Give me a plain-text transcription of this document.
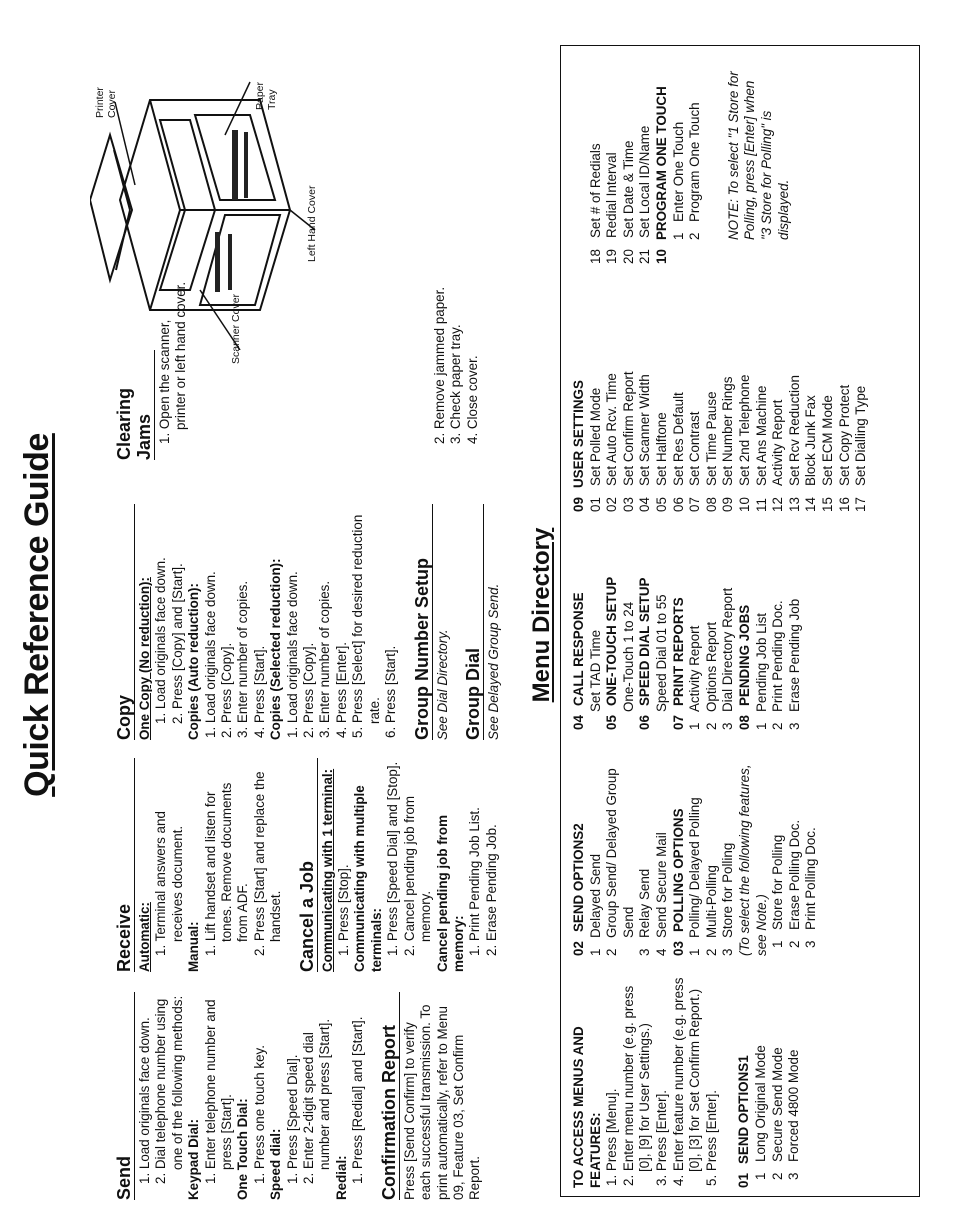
Quick Reference Guide
Send 1. Load originals face down. 2. Dial telephone number using one of the following methods: Keypad Dial: 1. Enter telephone number and press [Start]. One Touch Dial: 1. Press one touch key. Speed dial: 1. Press [Speed Dial]. 2. Enter 2-digit speed dial number and press [Start].
Redial: 1. Press [Redial] and [Start]. Confirmation Report Press [Send Confirm] to verify each successful transmission. To print automatically, refer to Menu 09, Feature 03, Set Confirm Report.
Receive Automatic: 1. Terminal answers and receives document.
Manual: 1. Lift handset and listen for tones. Remove documents from ADF. 2. Press [Start] and replace the handset. Cancel a Job Communicating with 1 terminal: 1. Press [Stop]. Communicating with multiple terminals: 1. Press [Speed Dial] and [Stop]. 2. Cancel pending job from memory. Cancel pending job from memory: 1. Print Pending Job List. 2. Erase Pending Job.
Copy One Copy (No reduction): 1. Load originals face down. 2. Press [Copy] and [Start]. Copies (Auto reduction): 1. Load originals face down. 2. Press [Copy]. 3. Enter number of copies. 4. Press [Start]. Copies (Selected reduction): 1. Load originals face down. 2. Press [Copy]. 3. Enter number of copies. 4. Press [Enter]. 5. Press [Select] for desired reduction rate. 6. Press [Start]. Group Number Setup See Dial Directory. Group Dial See Delayed Group Send.
Clearing Jams 1. Open the scanner, printer or left hand cover.	2. Remove jammed paper. 3. Check paper tray. 4. Close cover.
Printer Cover
Scanner Cover
Paper Tray
Left Hand Cover
Menu Directory
TO ACCESS MENUS AND FEATURES: 1. Press [Menu]. 2. Enter menu number (e.g. press [0], [9] for User Settings.) 3. Press [Enter]. 4. Enter feature number (e.g. press [0], [3] for Set Confirm Report.) 5. Press [Enter]. 01
SEND OPTIONS1
1
Long Original Mode
2
Secure Send Mode
3
Forced 4800 Mode
02
SEND OPTIONS2
1
Delayed Send
2
Group Send/ Delayed Group Send
3
Relay Send
4
Send Secure Mail
03
POLLING OPTIONS
1
Polling/ Delayed Polling
2
Multi-Polling
3
Store for Polling (To select the following features, see Note.) 1
Store for Polling
2
Erase Polling Doc.
3
Print Polling Doc.
04
CALL RESPONSE Set TAD Time
05
ONE-TOUCH SETUP One-Touch 1 to 24
06
SPEED DIAL SETUP Speed Dial 01 to 55
07
PRINT REPORTS
1
Activity Report
2
Options Report
3
Dial Directory Report
08
PENDING JOBS
1
Pending Job List
2
Print Pending Doc.
3
Erase Pending Job
09
USER SETTINGS
01
Set Polled Mode
02
Set Auto Rcv. Time
03
Set Confirm Report
04
Set Scanner Width
05
Set Halftone
06
Set Res Default
07
Set Contrast
08
Set Time Pause
09
Set Number Rings
10
Set 2nd Telephone
11
Set Ans Machine
12
Activity Report
13
Set Rcv Reduction
14
Block Junk Fax
15
Set ECM Mode
16
Set Copy Protect
17
Set Dialling Type
18
Set # of Redials
19
Redial Interval
20
Set Date & Time
21
Set Local ID/Name
10
PROGRAM ONE TOUCH 1
Enter One Touch
2
Program One Touch NOTE: To select "1 Store for Polling, press [Enter] when "3 Store for Polling" is displayed.
